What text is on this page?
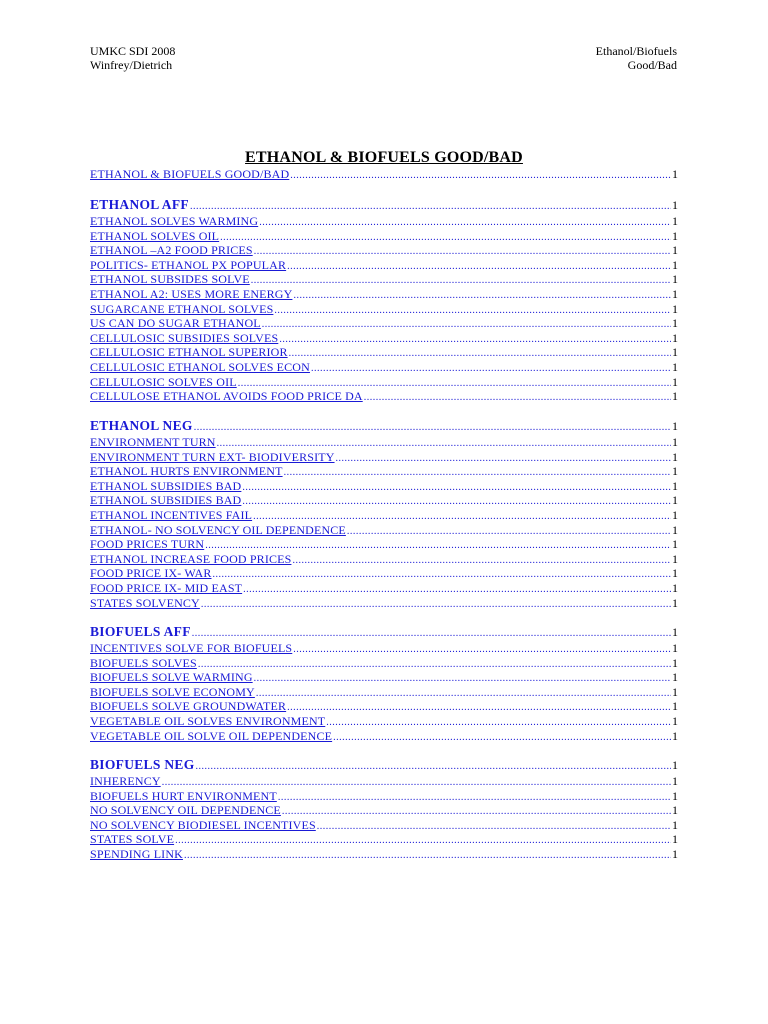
UMKC SDI 2008
Winfrey/Dietrich
Ethanol/Biofuels
Good/Bad
ETHANOL & BIOFUELS GOOD/BAD
ETHANOL & BIOFUELS GOOD/BAD .....	1
ETHANOL AFF .....	1
ETHANOL SOLVES WARMING .....	1
ETHANOL SOLVES OIL .....	1
ETHANOL –A2 FOOD PRICES .....	1
POLITICS- ETHANOL PX POPULAR .....	1
ETHANOL SUBSIDES SOLVE .....	1
ETHANOL A2: USES MORE ENERGY .....	1
SUGARCANE ETHANOL SOLVES .....	1
US CAN DO SUGAR ETHANOL .....	1
CELLULOSIC SUBSIDIES SOLVES .....	1
CELLULOSIC ETHANOL SUPERIOR .....	1
CELLULOSIC ETHANOL SOLVES ECON .....	1
CELLULOSIC SOLVES OIL .....	1
CELLULOSE ETHANOL AVOIDS FOOD PRICE DA .....	1
ETHANOL NEG .....	1
ENVIRONMENT TURN .....	1
ENVIRONMENT TURN EXT- BIODIVERSITY .....	1
ETHANOL HURTS ENVIRONMENT .....	1
ETHANOL SUBSIDIES BAD .....	1
ETHANOL SUBSIDIES BAD .....	1
ETHANOL INCENTIVES FAIL .....	1
ETHANOL- NO SOLVENCY OIL DEPENDENCE .....	1
FOOD PRICES TURN .....	1
ETHANOL INCREASE FOOD PRICES .....	1
FOOD PRICE IX- WAR .....	1
FOOD PRICE IX- MID EAST .....	1
STATES SOLVENCY .....	1
BIOFUELS AFF .....	1
INCENTIVES SOLVE FOR BIOFUELS .....	1
BIOFUELS SOLVES .....	1
BIOFUELS SOLVE WARMING .....	1
BIOFUELS SOLVE ECONOMY .....	1
BIOFUELS SOLVE GROUNDWATER .....	1
VEGETABLE OIL SOLVES ENVIRONMENT .....	1
VEGETABLE OIL SOLVE OIL DEPENDENCE .....	1
BIOFUELS NEG .....	1
INHERENCY .....	1
BIOFUELS HURT ENVIRONMENT .....	1
NO SOLVENCY OIL DEPENDENCE .....	1
NO SOLVENCY BIODIESEL INCENTIVES .....	1
STATES SOLVE .....	1
SPENDING LINK .....	1
